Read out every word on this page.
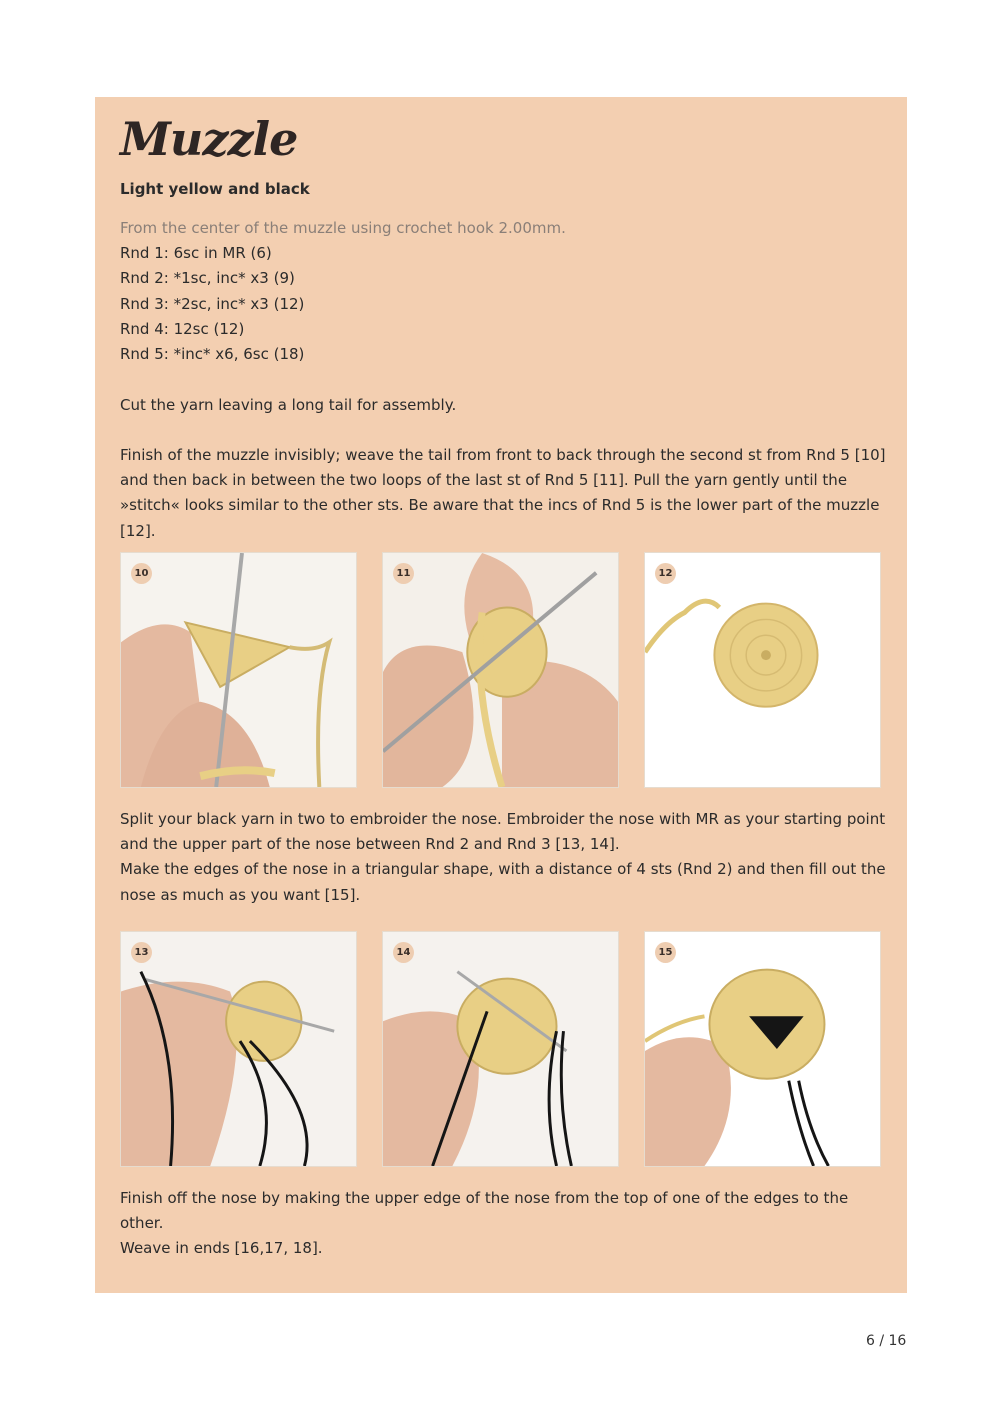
Muzzle

Light yellow and black

From the center of the muzzle using crochet hook 2.00mm.

Rnd 1: 6sc in MR (6)

Rnd 2: *1sc, inc* x3 (9)

Rnd 3: *2sc, inc* x3 (12)

Rnd 4: 12sc (12)

Rnd 5: *inc* x6, 6sc (18)

Cut the yarn leaving a long tail for assembly.

Finish of the muzzle invisibly; weave the tail from front to back through the second st from Rnd 5 [10] and then back in between the two loops of the last st of Rnd 5 [11]. Pull the yarn gently until the »stitch« looks similar to the other sts. Be aware that the incs of Rnd 5 is the lower part of the muzzle [12].

10	11	12

Split your black yarn in two to embroider the nose. Embroider the nose with MR as your starting point and the upper part of the nose between Rnd 2 and Rnd 3 [13, 14].

Make the edges of the nose in a triangular shape, with a distance of 4 sts (Rnd 2) and then fill out the nose as much as you want [15].

13	14	15

Finish off the nose by making the upper edge of the nose from the top of one of the edges to the other.

Weave in ends [16,17, 18].

6 / 16
